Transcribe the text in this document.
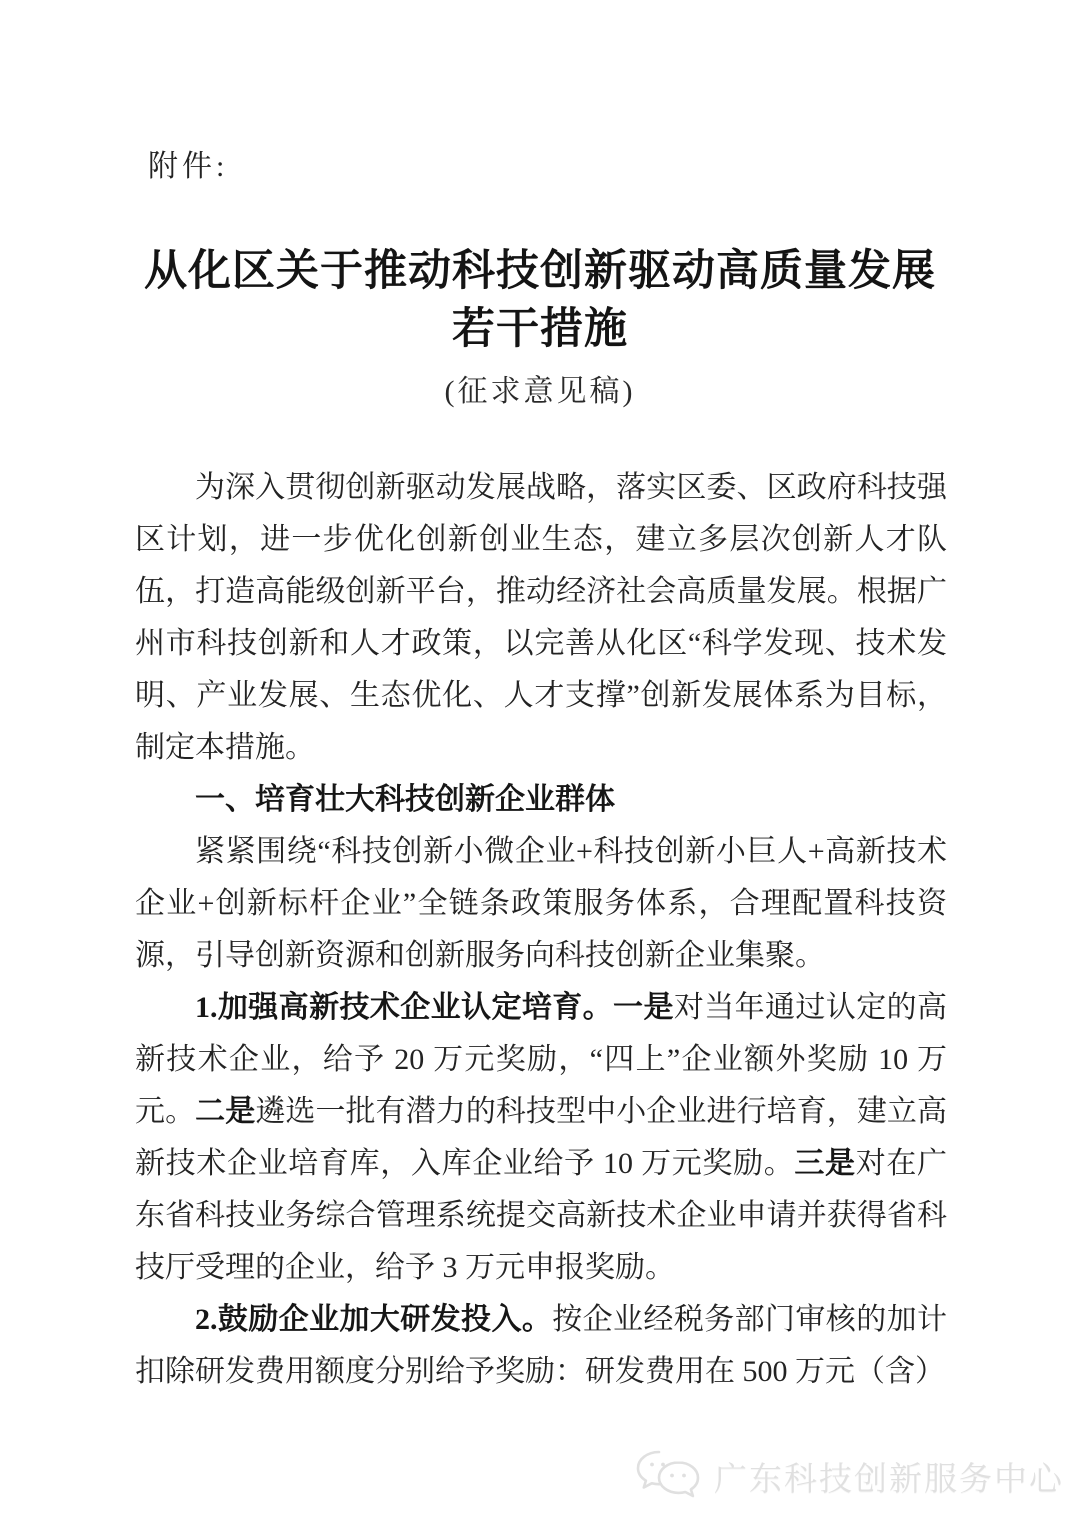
附件:
从化区关于推动科技创新驱动高质量发展
若干措施
(征求意见稿)
为深入贯彻创新驱动发展战略，落实区委、区政府科技强区计划，进一步优化创新创业生态，建立多层次创新人才队伍，打造高能级创新平台，推动经济社会高质量发展。根据广州市科技创新和人才政策，以完善从化区“科学发现、技术发明、产业发展、生态优化、人才支撑”创新发展体系为目标，制定本措施。
一、培育壮大科技创新企业群体
紧紧围绕“科技创新小微企业+科技创新小巨人+高新技术企业+创新标杆企业”全链条政策服务体系，合理配置科技资源，引导创新资源和创新服务向科技创新企业集聚。
1.加强高新技术企业认定培育。一是对当年通过认定的高新技术企业，给予 20 万元奖励，“四上”企业额外奖励 10 万元。二是遴选一批有潜力的科技型中小企业进行培育，建立高新技术企业培育库，入库企业给予 10 万元奖励。三是对在广东省科技业务综合管理系统提交高新技术企业申请并获得省科技厅受理的企业，给予 3 万元申报奖励。
2.鼓励企业加大研发投入。按企业经税务部门审核的加计扣除研发费用额度分别给予奖励：研发费用在 500 万元（含）
广东科技创新服务中心
